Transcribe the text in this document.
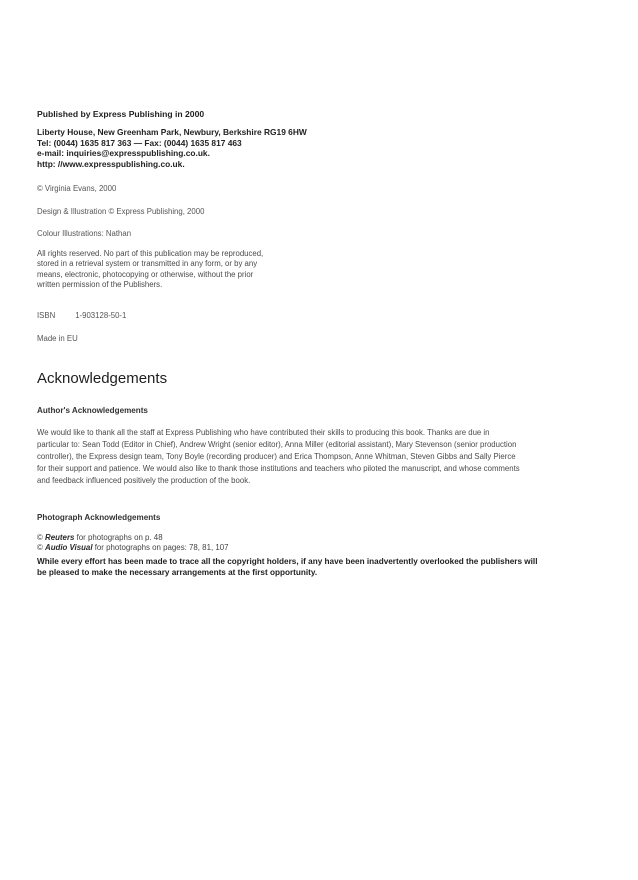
Published by Express Publishing in 2000
Liberty House, New Greenham Park, Newbury, Berkshire RG19 6HW
Tel: (0044) 1635 817 363 — Fax: (0044) 1635 817 463
e-mail: inquiries@expresspublishing.co.uk.
http: //www.expresspublishing.co.uk.
© Virginia Evans, 2000
Design & Illustration © Express Publishing, 2000
Colour Illustrations: Nathan
All rights reserved. No part of this publication may be reproduced,
stored in a retrieval system or transmitted in any form, or by any
means, electronic, photocopying or otherwise, without the prior
written permission of the Publishers.
ISBN	1-903128-50-1
Made in EU
Acknowledgements
Author's Acknowledgements
We would like to thank all the staff at Express Publishing who have contributed their skills to producing this book. Thanks are due in
particular to: Sean Todd (Editor in Chief), Andrew Wright (senior editor), Anna Miller (editorial assistant), Mary Stevenson (senior production
controller), the Express design team, Tony Boyle (recording producer) and Erica Thompson, Anne Whitman, Steven Gibbs and Sally Pierce
for their support and patience. We would also like to thank those institutions and teachers who piloted the manuscript, and whose comments
and feedback influenced positively the production of the book.
Photograph Acknowledgements
© Reuters for photographs on p. 48
© Audio Visual for photographs on pages: 78, 81, 107
While every effort has been made to trace all the copyright holders, if any have been inadvertently overlooked the publishers will
be pleased to make the necessary arrangements at the first opportunity.
